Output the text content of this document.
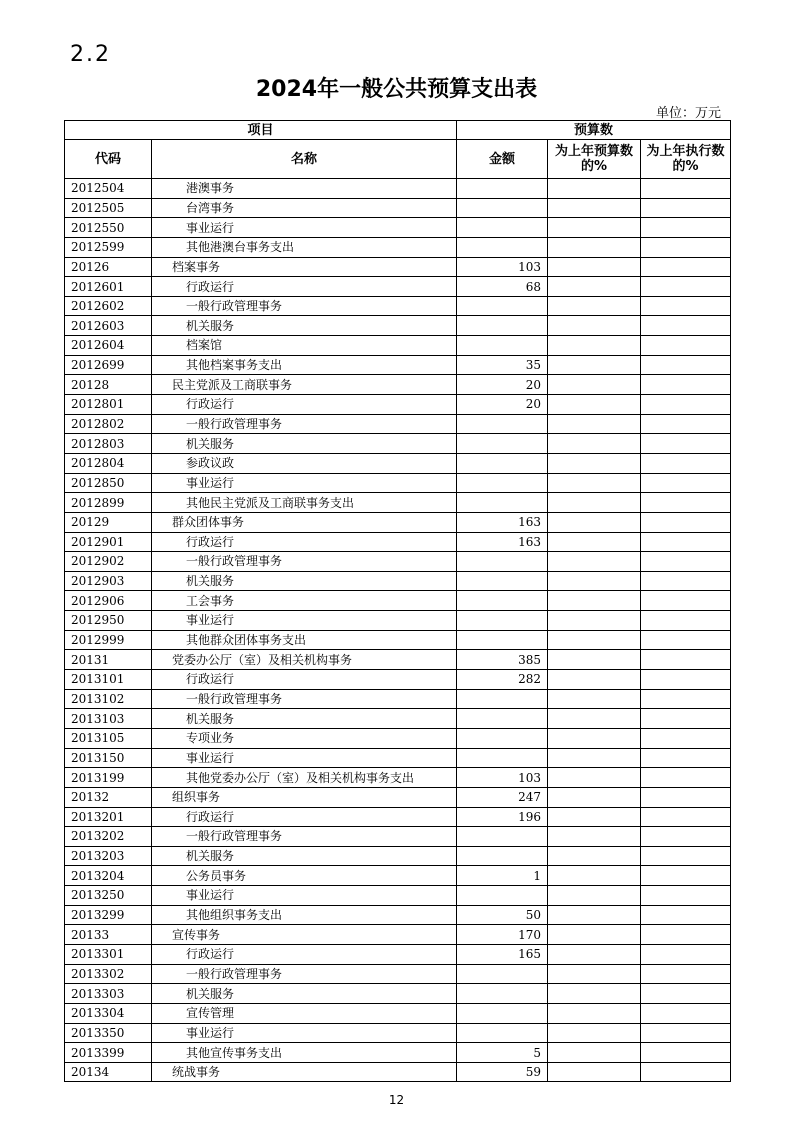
2.2
2024年一般公共预算支出表
单位：万元
项目		预算数		
代码	名称	金额	为上年预算数的%	为上年执行数的%
2012504	港澳事务			
2012505	台湾事务			
2012550	事业运行			
2012599	其他港澳台事务支出			
20126	档案事务	103		
2012601	行政运行	68		
2012602	一般行政管理事务			
2012603	机关服务			
2012604	档案馆			
2012699	其他档案事务支出	35		
20128	民主党派及工商联事务	20		
2012801	行政运行	20		
2012802	一般行政管理事务			
2012803	机关服务			
2012804	参政议政			
2012850	事业运行			
2012899	其他民主党派及工商联事务支出			
20129	群众团体事务	163		
2012901	行政运行	163		
2012902	一般行政管理事务			
2012903	机关服务			
2012906	工会事务			
2012950	事业运行			
2012999	其他群众团体事务支出			
20131	党委办公厅（室）及相关机构事务	385		
2013101	行政运行	282		
2013102	一般行政管理事务			
2013103	机关服务			
2013105	专项业务			
2013150	事业运行			
2013199	其他党委办公厅（室）及相关机构事务支出	103		
20132	组织事务	247		
2013201	行政运行	196		
2013202	一般行政管理事务			
2013203	机关服务			
2013204	公务员事务	1		
2013250	事业运行			
2013299	其他组织事务支出	50		
20133	宣传事务	170		
2013301	行政运行	165		
2013302	一般行政管理事务			
2013303	机关服务			
2013304	宣传管理			
2013350	事业运行			
2013399	其他宣传事务支出	5		
20134	统战事务	59		
12
